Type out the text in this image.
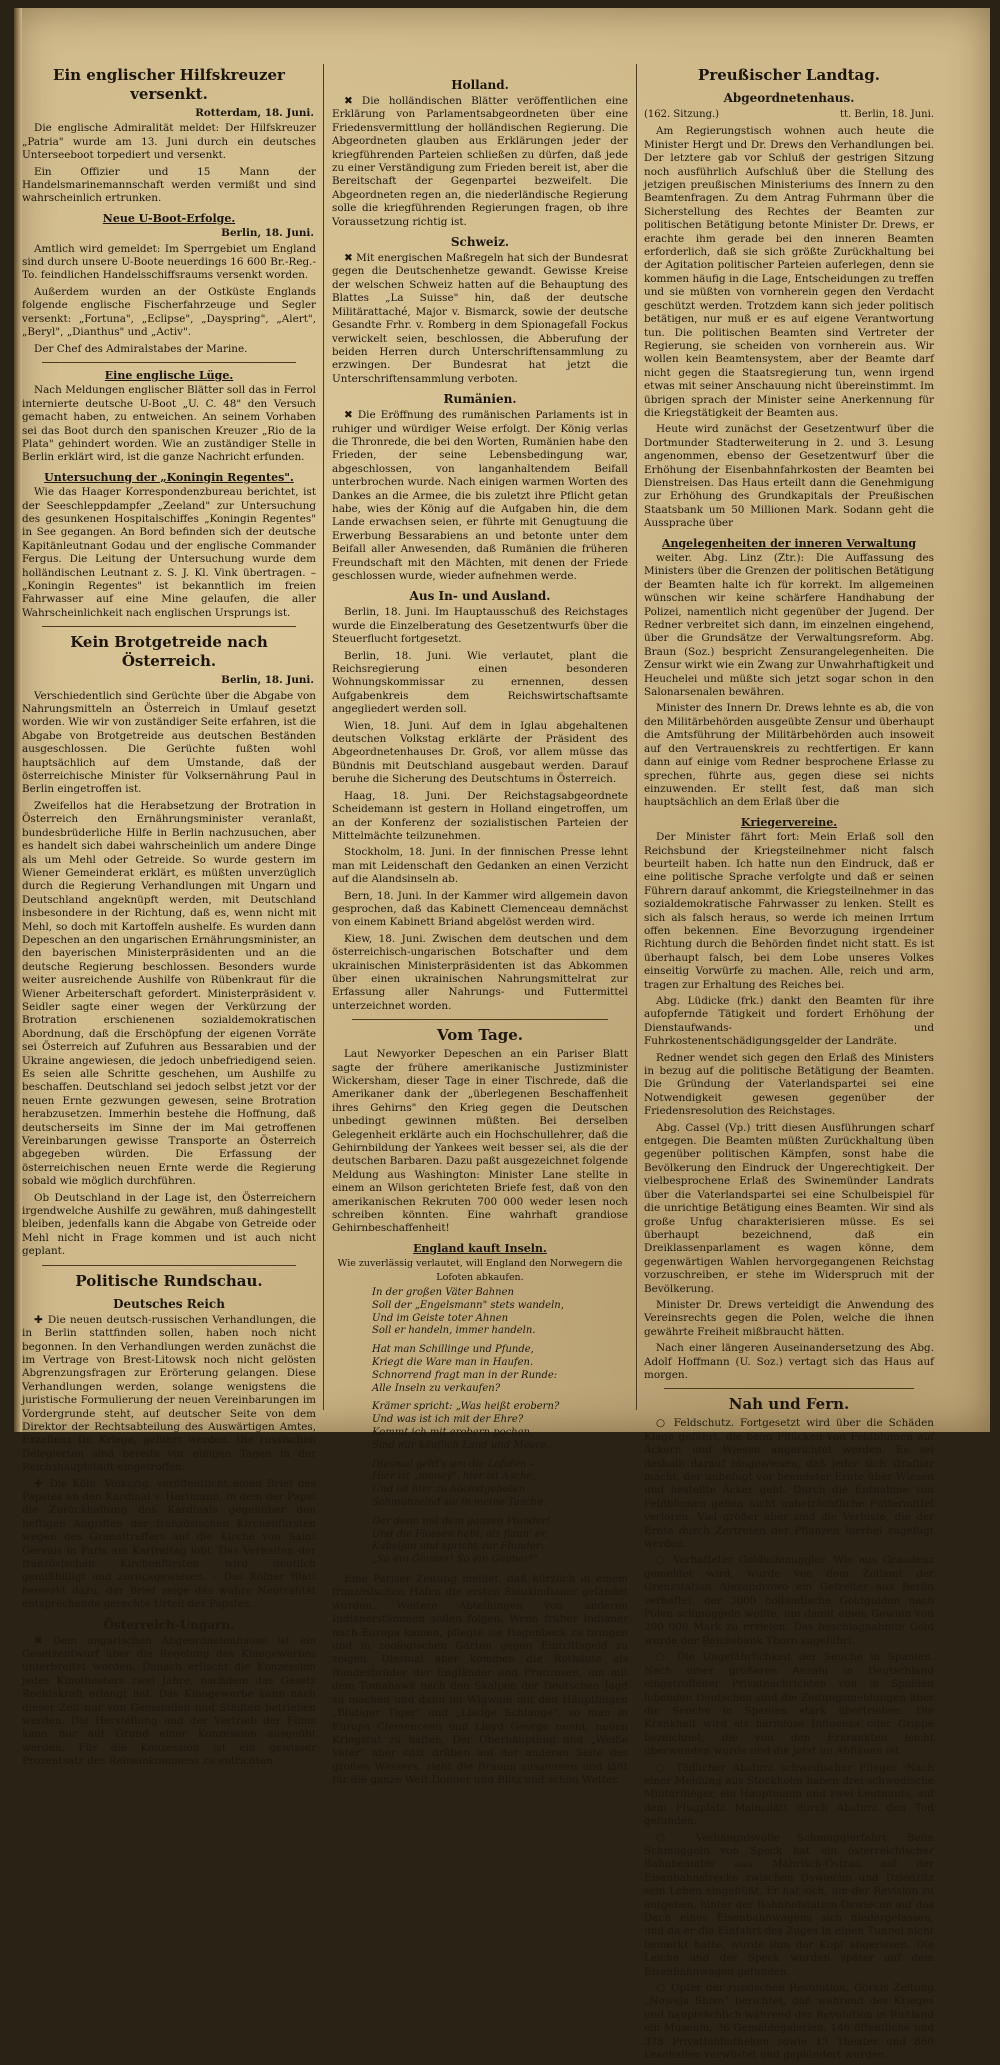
Ein englischer Hilfskreuzer versenkt.
Rotterdam, 18. Juni.

Die englische Admiralität meldet: Der Hilfskreuzer „Patria" wurde am 13. Juni durch ein deutsches Unterseeboot torpediert und versenkt.

Ein Offizier und 15 Mann der Handelsmarinemannschaft werden vermißt und sind wahrscheinlich ertrunken.

Neue U-Boot-Erfolge.
Berlin, 18. Juni.

Amtlich wird gemeldet: Im Sperrgebiet um England sind durch unsere U-Boote neuerdings 16 600 Br.-Reg.-To. feindlichen Handelsschiffsraums versenkt worden.

Außerdem wurden an der Ostküste Englands folgende englische Fischerfahrzeuge und Segler versenkt: „Fortuna", „Eclipse", „Dayspring", „Alert", „Beryl", „Dianthus" und „Activ".

Der Chef des Admiralstabes der Marine.

Eine englische Lüge.

Nach Meldungen englischer Blätter soll das in Ferrol internierte deutsche U-Boot „U. C. 48" den Versuch gemacht haben, zu entweichen. An seinem Vorhaben sei das Boot durch den spanischen Kreuzer „Rio de la Plata" gehindert worden. Wie an zuständiger Stelle in Berlin erklärt wird, ist die ganze Nachricht erfunden.

Untersuchung der „Koningin Regentes".

Wie das Haager Korrespondenzbureau berichtet, ist der Seeschleppdampfer „Zeeland" zur Untersuchung des gesunkenen Hospitalschiffes „Koningin Regentes" in See gegangen. An Bord befinden sich der deutsche Kapitänleutnant Godau und der englische Commander Fergus. Die Leitung der Untersuchung wurde dem holländischen Leutnant z. S. J. Kl. Vink übertragen. – „Koningin Regentes" ist bekanntlich im freien Fahrwasser auf eine Mine gelaufen, die aller Wahrscheinlichkeit nach englischen Ursprungs ist.

Kein Brotgetreide nach Österreich.
Berlin, 18. Juni.

Verschiedentlich sind Gerüchte über die Abgabe von Nahrungsmitteln an Österreich in Umlauf gesetzt worden. Wie wir von zuständiger Seite erfahren, ist die Abgabe von Brotgetreide aus deutschen Beständen ausgeschlossen. Die Gerüchte fußten wohl hauptsächlich auf dem Umstande, daß der österreichische Minister für Volksernährung Paul in Berlin eingetroffen ist.

Zweifellos hat die Herabsetzung der Brotration in Österreich den Ernährungsminister veranlaßt, bundesbrüderliche Hilfe in Berlin nachzusuchen, aber es handelt sich dabei wahrscheinlich um andere Dinge als um Mehl oder Getreide. So wurde gestern im Wiener Gemeinderat erklärt, es müßten unverzüglich durch die Regierung Verhandlungen mit Ungarn und Deutschland angeknüpft werden, mit Deutschland insbesondere in der Richtung, daß es, wenn nicht mit Mehl, so doch mit Kartoffeln aushelfe. Es wurden dann Depeschen an den ungarischen Ernährungsminister, an den bayerischen Ministerpräsidenten und an die deutsche Regierung beschlossen. Besonders wurde weiter ausreichende Aushilfe von Rübenkraut für die Wiener Arbeiterschaft gefordert. Ministerpräsident v. Seidler sagte einer wegen der Verkürzung der Brotration erschienenen sozialdemokratischen Abordnung, daß die Erschöpfung der eigenen Vorräte sei Österreich auf Zufuhren aus Bessarabien und der Ukraine angewiesen, die jedoch unbefriedigend seien. Es seien alle Schritte geschehen, um Aushilfe zu beschaffen. Deutschland sei jedoch selbst jetzt vor der neuen Ernte gezwungen gewesen, seine Brotration herabzusetzen. Immerhin bestehe die Hoffnung, daß deutscherseits im Sinne der im Mai getroffenen Vereinbarungen gewisse Transporte an Österreich abgegeben würden. Die Erfassung der österreichischen neuen Ernte werde die Regierung sobald wie möglich durchführen.

Ob Deutschland in der Lage ist, den Österreichern irgendwelche Aushilfe zu gewähren, muß dahingestellt bleiben, jedenfalls kann die Abgabe von Getreide oder Mehl nicht in Frage kommen und ist auch nicht geplant.

Politische Rundschau.
Deutsches Reich

✚ Die neuen deutsch-russischen Verhandlungen, die in Berlin stattfinden sollen, haben noch nicht begonnen. In den Verhandlungen werden zunächst die im Vertrage von Brest-Litowsk noch nicht gelösten Abgrenzungsfragen zur Erörterung gelangen. Diese Verhandlungen werden, solange wenigstens die juristische Formulierung der neuen Vereinbarungen im Vordergrunde steht, auf deutscher Seite von dem Direktor der Rechtsabteilung des Auswärtigen Amtes, Exzellenz Dr. Kriege, geführt werden. Die russischen Delegierten sind bereits vor einigen Tagen in der Reichshauptstadt eingetroffen.

✚ Die Köln. Volksztg. veröffentlicht einen Brief des Papstes an den Kardinal v. Hartmann, in dem der Papst die Zurückhaltung des Kardinals gegenüber den heftigen Angriffen der französischen Kirchenfürsten wegen des Granattreffers auf die Kirche von Saint Gervais in Paris am Karfreitag lobt. Das Verhalten der französischen Kirchenfürsten wird deutlich gemißbilligt und zurückgewiesen. – Das Kölner Blatt bemerkt dazu, der Brief zeige das wahre Neutralität entsprechende gerechte Urteil des Papstes.

Österreich-Ungarn.

✖ Dem ungarischen Abgeordnetenhause ist ein Gesetzentwurf über die Regelung des Kinogewerbes unterbreitet worden. Danach erlischt die Konzession jedes Kinotheaters zwei Jahre, nachdem das Gesetz Rechtskraft erlangt hat. Das Kinogewerbe kann nach dieser Zeit nur von Gemeinden und Städten betrieben werden. Die Herstellung und der Vertrieb der Films kann nur auf Grund einer Konzession ausgeübt werden. Für die Konzession ist ein gewisser Prozentsatz des Reineinkommens zu entrichten.

Holland.

✖ Die holländischen Blätter veröffentlichen eine Erklärung von Parlamentsabgeordneten über eine Friedensvermittlung der holländischen Regierung. Die Abgeordneten glauben aus Erklärungen jeder der kriegführenden Parteien schließen zu dürfen, daß jede zu einer Verständigung zum Frieden bereit ist, aber die Bereitschaft der Gegenpartei bezweifelt. Die Abgeordneten regen an, die niederländische Regierung solle die kriegführenden Regierungen fragen, ob ihre Voraussetzung richtig ist.

Schweiz.

✖ Mit energischen Maßregeln hat sich der Bundesrat gegen die Deutschenhetze gewandt. Gewisse Kreise der welschen Schweiz hatten auf die Behauptung des Blattes „La Suisse" hin, daß der deutsche Militärattaché, Major v. Bismarck, sowie der deutsche Gesandte Frhr. v. Romberg in dem Spionagefall Fockus verwickelt seien, beschlossen, die Abberufung der beiden Herren durch Unterschriftensammlung zu erzwingen. Der Bundesrat hat jetzt die Unterschriftensammlung verboten.

Rumänien.

✖ Die Eröffnung des rumänischen Parlaments ist in ruhiger und würdiger Weise erfolgt. Der König verlas die Thronrede, die bei den Worten, Rumänien habe den Frieden, der seine Lebensbedingung war, abgeschlossen, von langanhaltendem Beifall unterbrochen wurde. Nach einigen warmen Worten des Dankes an die Armee, die bis zuletzt ihre Pflicht getan habe, wies der König auf die Aufgaben hin, die dem Lande erwachsen seien, er führte mit Genugtuung die Erwerbung Bessarabiens an und betonte unter dem Beifall aller Anwesenden, daß Rumänien die früheren Freundschaft mit den Mächten, mit denen der Friede geschlossen wurde, wieder aufnehmen werde.

Aus In- und Ausland.

Berlin, 18. Juni. Im Hauptausschuß des Reichstages wurde die Einzelberatung des Gesetzentwurfs über die Steuerflucht fortgesetzt.

Berlin, 18. Juni. Wie verlautet, plant die Reichsregierung einen besonderen Wohnungskommissar zu ernennen, dessen Aufgabenkreis dem Reichswirtschaftsamte angegliedert werden soll.

Wien, 18. Juni. Auf dem in Iglau abgehaltenen deutschen Volkstag erklärte der Präsident des Abgeordnetenhauses Dr. Groß, vor allem müsse das Bündnis mit Deutschland ausgebaut werden. Darauf beruhe die Sicherung des Deutschtums in Österreich.

Haag, 18. Juni. Der Reichstagsabgeordnete Scheidemann ist gestern in Holland eingetroffen, um an der Konferenz der sozialistischen Parteien der Mittelmächte teilzunehmen.

Stockholm, 18. Juni. In der finnischen Presse lehnt man mit Leidenschaft den Gedanken an einen Verzicht auf die Alandsinseln ab.

Bern, 18. Juni. In der Kammer wird allgemein davon gesprochen, daß das Kabinett Clemenceau demnächst von einem Kabinett Briand abgelöst werden wird.

Kiew, 18. Juni. Zwischen dem deutschen und dem österreichisch-ungarischen Botschafter und dem ukrainischen Ministerpräsidenten ist das Abkommen über einen ukrainischen Nahrungsmittelrat zur Erfassung aller Nahrungs- und Futtermittel unterzeichnet worden.

Vom Tage.

Laut Newyorker Depeschen an ein Pariser Blatt sagte der frühere amerikanische Justizminister Wickersham, dieser Tage in einer Tischrede, daß die Amerikaner dank der „überlegenen Beschaffenheit ihres Gehirns" den Krieg gegen die Deutschen unbedingt gewinnen müßten. Bei derselben Gelegenheit erklärte auch ein Hochschullehrer, daß die Gehirnbildung der Yankees weit besser sei, als die der deutschen Barbaren. Dazu paßt ausgezeichnet folgende Meldung aus Washington: Minister Lane stellte in einem an Wilson gerichteten Briefe fest, daß von den amerikanischen Rekruten 700 000 weder lesen noch schreiben könnten. Eine wahrhaft grandiose Gehirnbeschaffenheit!

England kauft Inseln.

Wie zuverlässig verlautet, will England den Norwegern die Lofoten abkaufen.

In der großen Väter Bahnen
Soll der „Engelsmann" stets wandeln,
Und im Geiste toter Ahnen
Soll er handeln, immer handeln.

Hat man Schillinge und Pfunde,
Kriegt die Ware man in Haufen.
Schnorrend fragt man in der Runde:
Alle Inseln zu verkaufen?

Krämer spricht: „Was heißt erobern?
Und was ist ich mit der Ehre?
Kommt ich mit erobern pochen,
Sind mir käuflich Land und Meere.

Diesmal geht's um die Lofoten –
Hier ist „money", hier ist Asche,
Und ist hier zu höchstgeboten
Schmunzelnd sie in meine Tasche.

Der denn mit dem ganzen Plunder!
Und die Flossen hebt, als flaun' er,
Kabeljau und spricht zur Flunder:
„So ein Gauner! So ein Gauner!"

Eine Pariser Zeitung meldet, daß kürzlich in einem französischen Hafen die ersten Siouxindianer gelandet wurden. Weitere Abteilungen von anderen Indianerstämmen sollen folgen. Wenn früher Indianer nach Europa kamen, pflegte sie Hagenbeck zu bringen und in zoologischen Gärten gegen Eintrittsgeld zu zeigen. Diesmal aber kommen die Rothäute als Bundesbrüder der Engländer und Franzosen, um mit dem Tomahawk nach den Skalpen der Deutschen Jagd zu machen und dann im Wigwam mit den Häuptlingen „Blutiger Tiger" und „Listige Schlange", so man in Europa Clemenceau und Lloyd George nennt, neuen Kriegsrat zu halten. Der Oberhäuptling und „Weiße Vater" aber sitzt drüben auf der anderen Seite des großen Wassers, zieht die Brauen zusammen und läßt für die ganze Welt Donner und Blitz und schön Wetter.

Preußischer Landtag.
Abgeordnetenhaus.
(162. Sitzung.)	tt. Berlin, 18. Juni.

Am Regierungstisch wohnen auch heute die Minister Hergt und Dr. Drews den Verhandlungen bei. Der letztere gab vor Schluß der gestrigen Sitzung noch ausführlich Aufschluß über die Stellung des jetzigen preußischen Ministeriums des Innern zu den Beamtenfragen. Zu dem Antrag Fuhrmann über die Sicherstellung des Rechtes der Beamten zur politischen Betätigung betonte Minister Dr. Drews, er erachte ihm gerade bei den inneren Beamten erforderlich, daß sie sich größte Zurückhaltung bei der Agitation politischer Parteien auferlegen, denn sie kommen häufig in die Lage, Entscheidungen zu treffen und sie müßten von vornherein gegen den Verdacht geschützt werden. Trotzdem kann sich jeder politisch betätigen, nur muß er es auf eigene Verantwortung tun. Die politischen Beamten sind Vertreter der Regierung, sie scheiden von vornherein aus. Wir wollen kein Beamtensystem, aber der Beamte darf nicht gegen die Staatsregierung tun, wenn irgend etwas mit seiner Anschauung nicht übereinstimmt. Im übrigen sprach der Minister seine Anerkennung für die Kriegstätigkeit der Beamten aus.

Heute wird zunächst der Gesetzentwurf über die Dortmunder Stadterweiterung in 2. und 3. Lesung angenommen, ebenso der Gesetzentwurf über die Erhöhung der Eisenbahnfahrkosten der Beamten bei Dienstreisen. Das Haus erteilt dann die Genehmigung zur Erhöhung des Grundkapitals der Preußischen Staatsbank um 50 Millionen Mark. Sodann geht die Aussprache über

Angelegenheiten der inneren Verwaltung

weiter. Abg. Linz (Ztr.): Die Auffassung des Ministers über die Grenzen der politischen Betätigung der Beamten halte ich für korrekt. Im allgemeinen wünschen wir keine schärfere Handhabung der Polizei, namentlich nicht gegenüber der Jugend. Der Redner verbreitet sich dann, im einzelnen eingehend, über die Grundsätze der Verwaltungsreform. Abg. Braun (Soz.) bespricht Zensurangelegenheiten. Die Zensur wirkt wie ein Zwang zur Unwahrhaftigkeit und Heuchelei und müßte sich jetzt sogar schon in den Salonarsenalen bewähren.

Minister des Innern Dr. Drews lehnte es ab, die von den Militärbehörden ausgeübte Zensur und überhaupt die Amtsführung der Militärbehörden auch insoweit auf den Vertrauenskreis zu rechtfertigen. Er kann dann auf einige vom Redner besprochene Erlasse zu sprechen, führte aus, gegen diese sei nichts einzuwenden. Er stellt fest, daß man sich hauptsächlich an dem Erlaß über die

Kriegervereine.

Der Minister fährt fort: Mein Erlaß soll den Reichsbund der Kriegsteilnehmer nicht falsch beurteilt haben. Ich hatte nun den Eindruck, daß er eine politische Sprache verfolgte und daß er seinen Führern darauf ankommt, die Kriegsteilnehmer in das sozialdemokratische Fahrwasser zu lenken. Stellt es sich als falsch heraus, so werde ich meinen Irrtum offen bekennen. Eine Bevorzugung irgendeiner Richtung durch die Behörden findet nicht statt. Es ist überhaupt falsch, bei dem Lobe unseres Volkes einseitig Vorwürfe zu machen. Alle, reich und arm, tragen zur Erhaltung des Reiches bei.

Abg. Lüdicke (frk.) dankt den Beamten für ihre aufopfernde Tätigkeit und fordert Erhöhung der Dienstaufwands- und Fuhrkostenentschädigungsgelder der Landräte.

Redner wendet sich gegen den Erlaß des Ministers in bezug auf die politische Betätigung der Beamten. Die Gründung der Vaterlandspartei sei eine Notwendigkeit gewesen gegenüber der Friedensresolution des Reichstages.

Abg. Cassel (Vp.) tritt diesen Ausführungen scharf entgegen. Die Beamten müßten Zurückhaltung üben gegenüber politischen Kämpfen, sonst habe die Bevölkerung den Eindruck der Ungerechtigkeit. Der vielbesprochene Erlaß des Swinemünder Landrats über die Vaterlandspartei sei eine Schulbeispiel für die unrichtige Betätigung eines Beamten. Wir sind als große Unfug charakterisieren müsse. Es sei überhaupt bezeichnend, daß ein Dreiklassenparlament es wagen könne, dem gegenwärtigen Wahlen hervorgegangenen Reichstag vorzuschreiben, er stehe im Widerspruch mit der Bevölkerung.

Minister Dr. Drews verteidigt die Anwendung des Vereinsrechts gegen die Polen, welche die ihnen gewährte Freiheit mißbraucht hätten.

Nach einer längeren Auseinandersetzung des Abg. Adolf Hoffmann (U. Soz.) vertagt sich das Haus auf morgen.

Nah und Fern.

○ Feldschutz. Fortgesetzt wird über die Schäden Klage geführt, die beim Pflücken von Feldblumen auf Äckern und Wiesen angerichtet werden. Es sei deshalb darauf hingewiesen, daß jeder sich strafbar macht, der unbefugt vor beendeter Ernte über Wiesen und bestellte Äcker geht. Durch die Entnahme von Feldblumen gehen nicht unbeträchtliche Futtermittel verloren. Viel größer aber sind die Verluste, die der Ernte durch Zertreten der Pflanzen hierbei zugefügt werden.

○ Verhafteter Goldschmuggler. Wie aus Graudenz gemeldet wird, wurde von dem Zollamt der Grenzstation Alexandrowo ein Gefreiter aus Berlin verhaftet, der 3000 holländische Goldgulden nach Polen schmuggeln wollte, um damit einen Gewinn von 200 000 Mark zu erzielen. Das beschlagnahmte Gold wurde der Reichsbank Thorn zugeführt.

○ Die Ungefährlichkeit der Seuche in Spanien. Nach einer größeren Anzahl in Deutschland eingetroffener Privatnachrichten von in Spanien lebenden Deutschen sind die Zeitungsmeldungen über die Seuche in Spanien stark übertrieben. Die Krankheit wird als harmlose Influenza oder Grippe bezeichnet, die von den Erkrankten leicht überwunden wurde und die jetzt im Abflauen ist.

○ Tödlicher Absturz schwedischer Flieger. Nach einer Meldung aus Stockholm haben drei schwedische Militärflieger, ein Hauptmann und zwei Leutnants, auf dem Flugplatz Malmslätt durch Absturz den Tod gefunden.

○ Verhängnisvolle Schmugglerfahrt. Beim Schmuggeln von Speck hat ein österreichischer Bahnbeamter aus Mährisch-Ostrau auf der Eisenbahnstrecke zwischen Oswiecim und Dziedzitz sein Leben eingebüßt. Er hat sich, um der Revision zu entgehen, hinter der Bahnhofstation Oswiecim auf das Dach eines Eisenbahnwagens sich niedergelassen, und da er die Einfahrt des Zuges in einen Tunnel nicht bemerkt hatte, wurde ihm der Kopf abgerissen. Die Leiche und der Speck wurden später auf dem Eisenbahnwagen gefunden.

○ Opfer der russischen Revolution. Gorkis Zeitung „Nowaja Shisn" berichtet, daß während des Krieges und hauptsächlich während der Revolution in Rußland ein Museum, 36 Gemäldegalerien, 146 öffentliche und 378 Privatbibliotheken sowie 13 Theater und 860 Lesehallen verwüstet und geplündert wurden.
